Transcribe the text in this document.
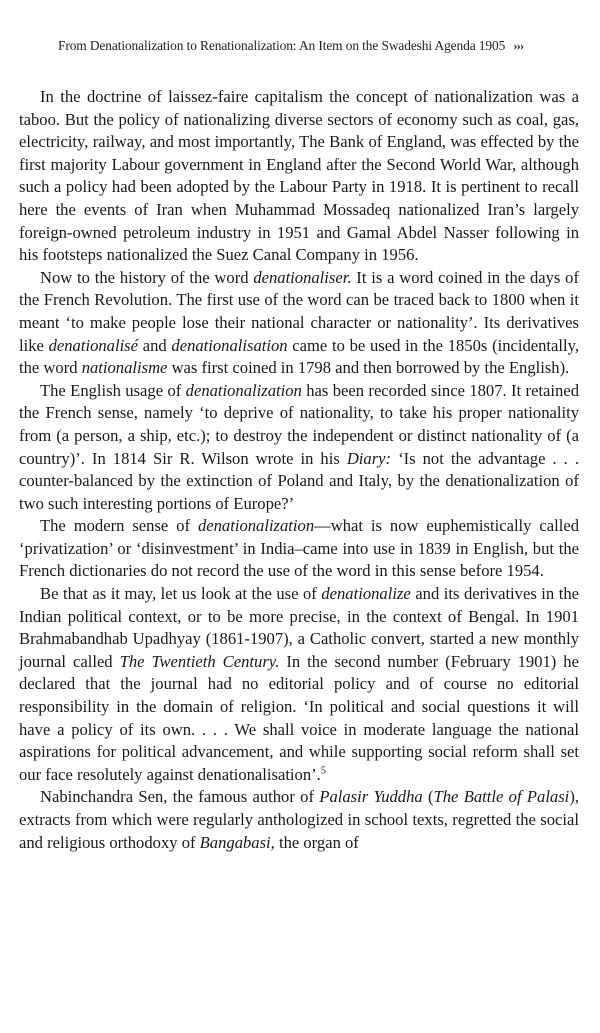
From Denationalization to Renationalization: An Item on the Swadeshi Agenda 1905 ›››

In the doctrine of laissez-faire capitalism the concept of nationalization was a taboo. But the policy of nationalizing diverse sectors of economy such as coal, gas, electricity, railway, and most importantly, The Bank of England, was effected by the first majority Labour government in England after the Second World War, although such a policy had been adopted by the Labour Party in 1918. It is pertinent to recall here the events of Iran when Muhammad Mossadeq nationalized Iran’s largely foreign-owned petroleum industry in 1951 and Gamal Abdel Nasser following in his footsteps nationalized the Suez Canal Company in 1956.

Now to the history of the word denationaliser. It is a word coined in the days of the French Revolution. The first use of the word can be traced back to 1800 when it meant ‘to make people lose their national character or nationality’. Its derivatives like denationalisé and denationalisation came to be used in the 1850s (incidentally, the word nationalisme was first coined in 1798 and then borrowed by the English).

The English usage of denationalization has been recorded since 1807. It retained the French sense, namely ‘to deprive of nationality, to take his proper nationality from (a person, a ship, etc.); to destroy the independent or distinct nationality of (a country)’. In 1814 Sir R. Wilson wrote in his Diary: ‘Is not the advantage . . . counter-balanced by the extinction of Poland and Italy, by the denationalization of two such interesting portions of Europe?’

The modern sense of denationalization—what is now euphemistically called ‘privatization’ or ‘disinvestment’ in India–came into use in 1839 in English, but the French dictionaries do not record the use of the word in this sense before 1954.

Be that as it may, let us look at the use of denationalize and its derivatives in the Indian political context, or to be more precise, in the context of Bengal. In 1901 Brahmabandhab Upadhyay (1861-1907), a Catholic convert, started a new monthly journal called The Twentieth Century. In the second number (February 1901) he declared that the journal had no editorial policy and of course no editorial responsibility in the domain of religion. ‘In political and social questions it will have a policy of its own. . . . We shall voice in moderate language the national aspirations for political advancement, and while supporting social reform shall set our face resolutely against denationalisation’.$^5$

Nabinchandra Sen, the famous author of Palasir Yuddha (The Battle of Palasi), extracts from which were regularly anthologized in school texts, regretted the social and religious orthodoxy of Bangabasi, the organ of
